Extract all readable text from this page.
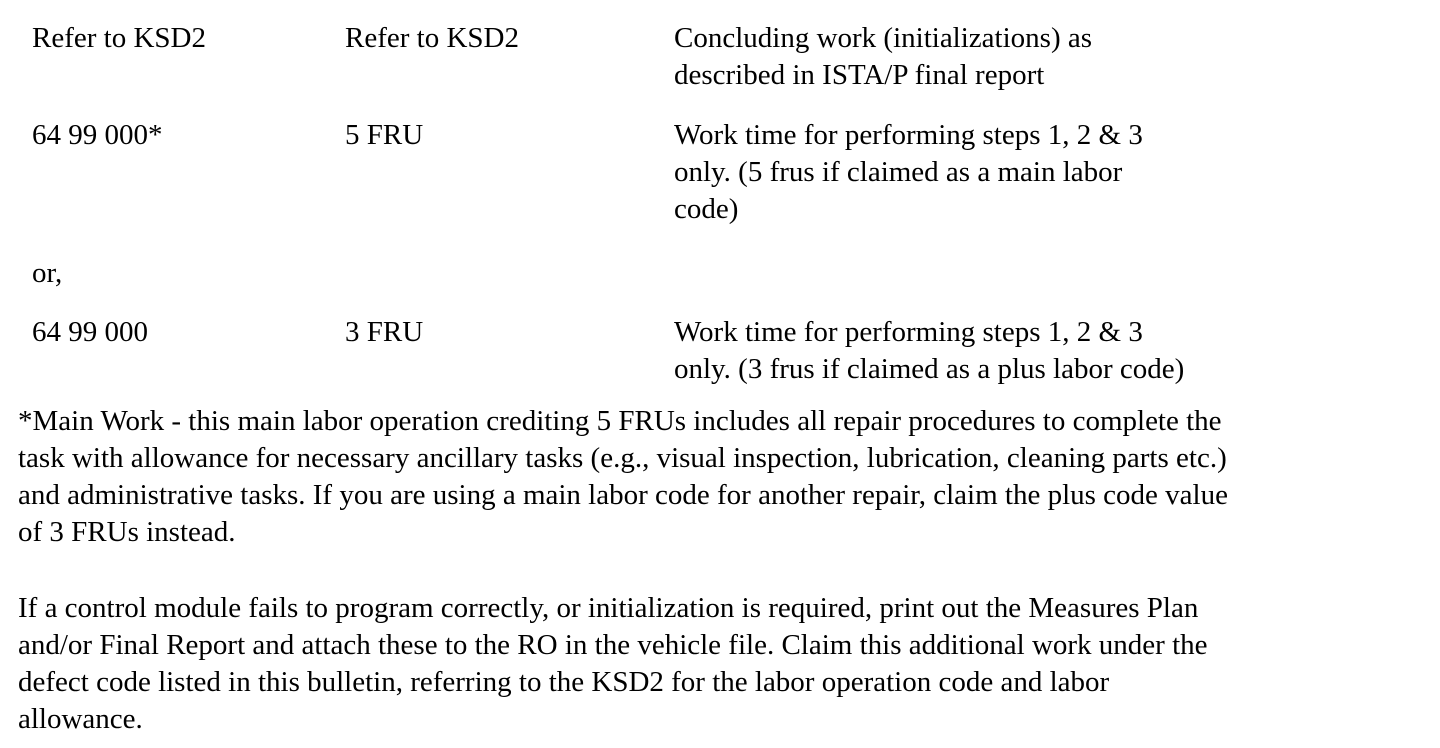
Refer to KSD2	Refer to KSD2	Concluding work (initializations) as
described in ISTA/P final report
64 99 000*	5 FRU	Work time for performing steps 1, 2 & 3
only. (5 frus if claimed as a main labor
code)
or,
64 99 000	3 FRU	Work time for performing steps 1, 2 & 3
only. (3 frus if claimed as a plus labor code)
*Main Work - this main labor operation crediting 5 FRUs includes all repair procedures to complete the
task with allowance for necessary ancillary tasks (e.g., visual inspection, lubrication, cleaning parts etc.)
and administrative tasks. If you are using a main labor code for another repair, claim the plus code value
of 3 FRUs instead.
If a control module fails to program correctly, or initialization is required, print out the Measures Plan
and/or Final Report and attach these to the RO in the vehicle file. Claim this additional work under the
defect code listed in this bulletin, referring to the KSD2 for the labor operation code and labor
allowance.
